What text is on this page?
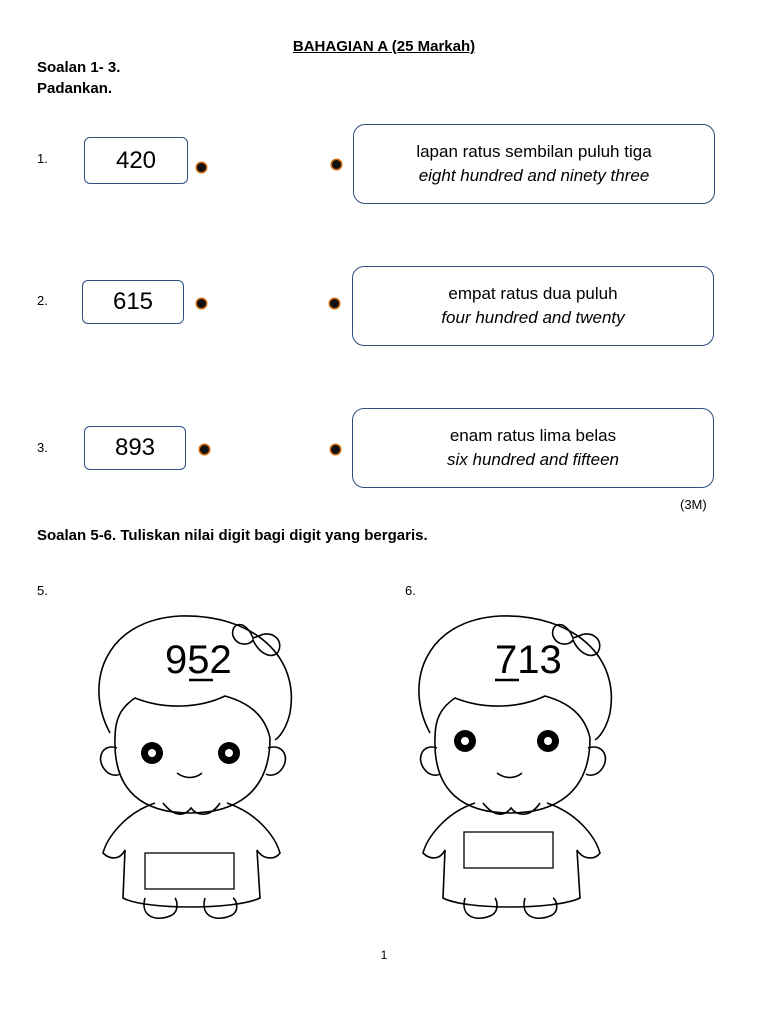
BAHAGIAN A (25 Markah)
Soalan 1- 3.
Padankan.
1.	420	lapan ratus sembilan puluh tiga
eight hundred and ninety three
2.	615	empat ratus dua puluh
four hundred and twenty
3.	893	enam ratus lima belas
six hundred and fifteen
(3M)
Soalan 5-6. Tuliskan nilai digit bagi digit yang bergaris.
5.	6.
952	713
1
